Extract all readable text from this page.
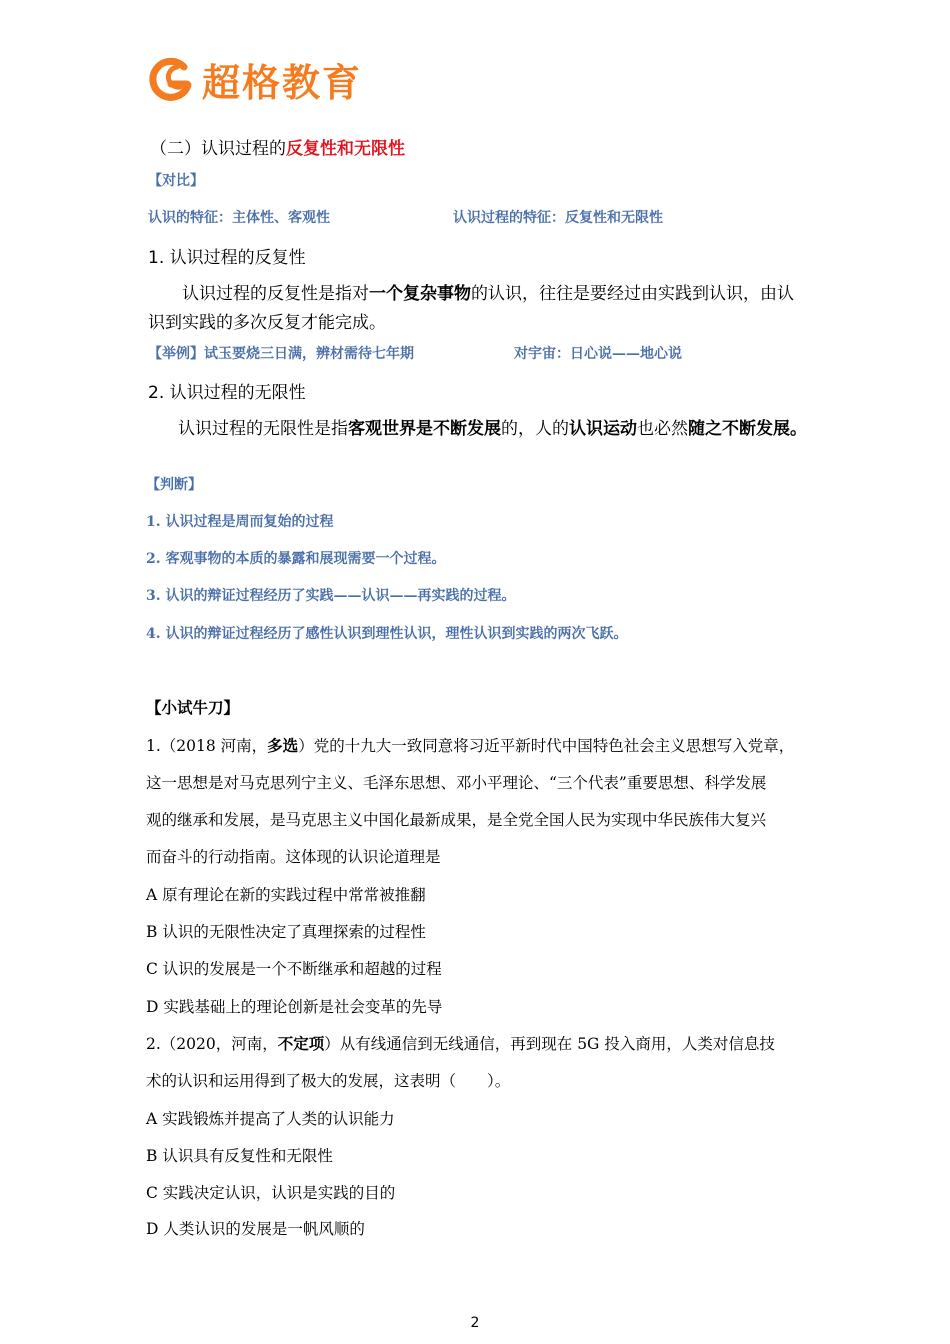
超格教育
（二）认识过程的反复性和无限性
【对比】
认识的特征：主体性、客观性	认识过程的特征：反复性和无限性
1. 认识过程的反复性
认识过程的反复性是指对一个复杂事物的认识，往往是要经过由实践到认识，由认
识到实践的多次反复才能完成。
【举例】试玉要烧三日满，辨材需待七年期	对宇宙：日心说——地心说
2. 认识过程的无限性
认识过程的无限性是指客观世界是不断发展的，人的认识运动也必然随之不断发展。
【判断】
1. 认识过程是周而复始的过程
2. 客观事物的本质的暴露和展现需要一个过程。
3. 认识的辩证过程经历了实践——认识——再实践的过程。
4. 认识的辩证过程经历了感性认识到理性认识，理性认识到实践的两次飞跃。
【小试牛刀】
1.（2018 河南，多选）党的十九大一致同意将习近平新时代中国特色社会主义思想写入党章，
这一思想是对马克思列宁主义、毛泽东思想、邓小平理论、“三个代表”重要思想、科学发展
观的继承和发展，是马克思主义中国化最新成果，是全党全国人民为实现中华民族伟大复兴
而奋斗的行动指南。这体现的认识论道理是
A 原有理论在新的实践过程中常常被推翻
B 认识的无限性决定了真理探索的过程性
C 认识的发展是一个不断继承和超越的过程
D 实践基础上的理论创新是社会变革的先导
2.（2020，河南，不定项）从有线通信到无线通信，再到现在 5G 投入商用，人类对信息技
术的认识和运用得到了极大的发展，这表明（　　）。
A 实践锻炼并提高了人类的认识能力
B 认识具有反复性和无限性
C 实践决定认识，认识是实践的目的
D 人类认识的发展是一帆风顺的
2
